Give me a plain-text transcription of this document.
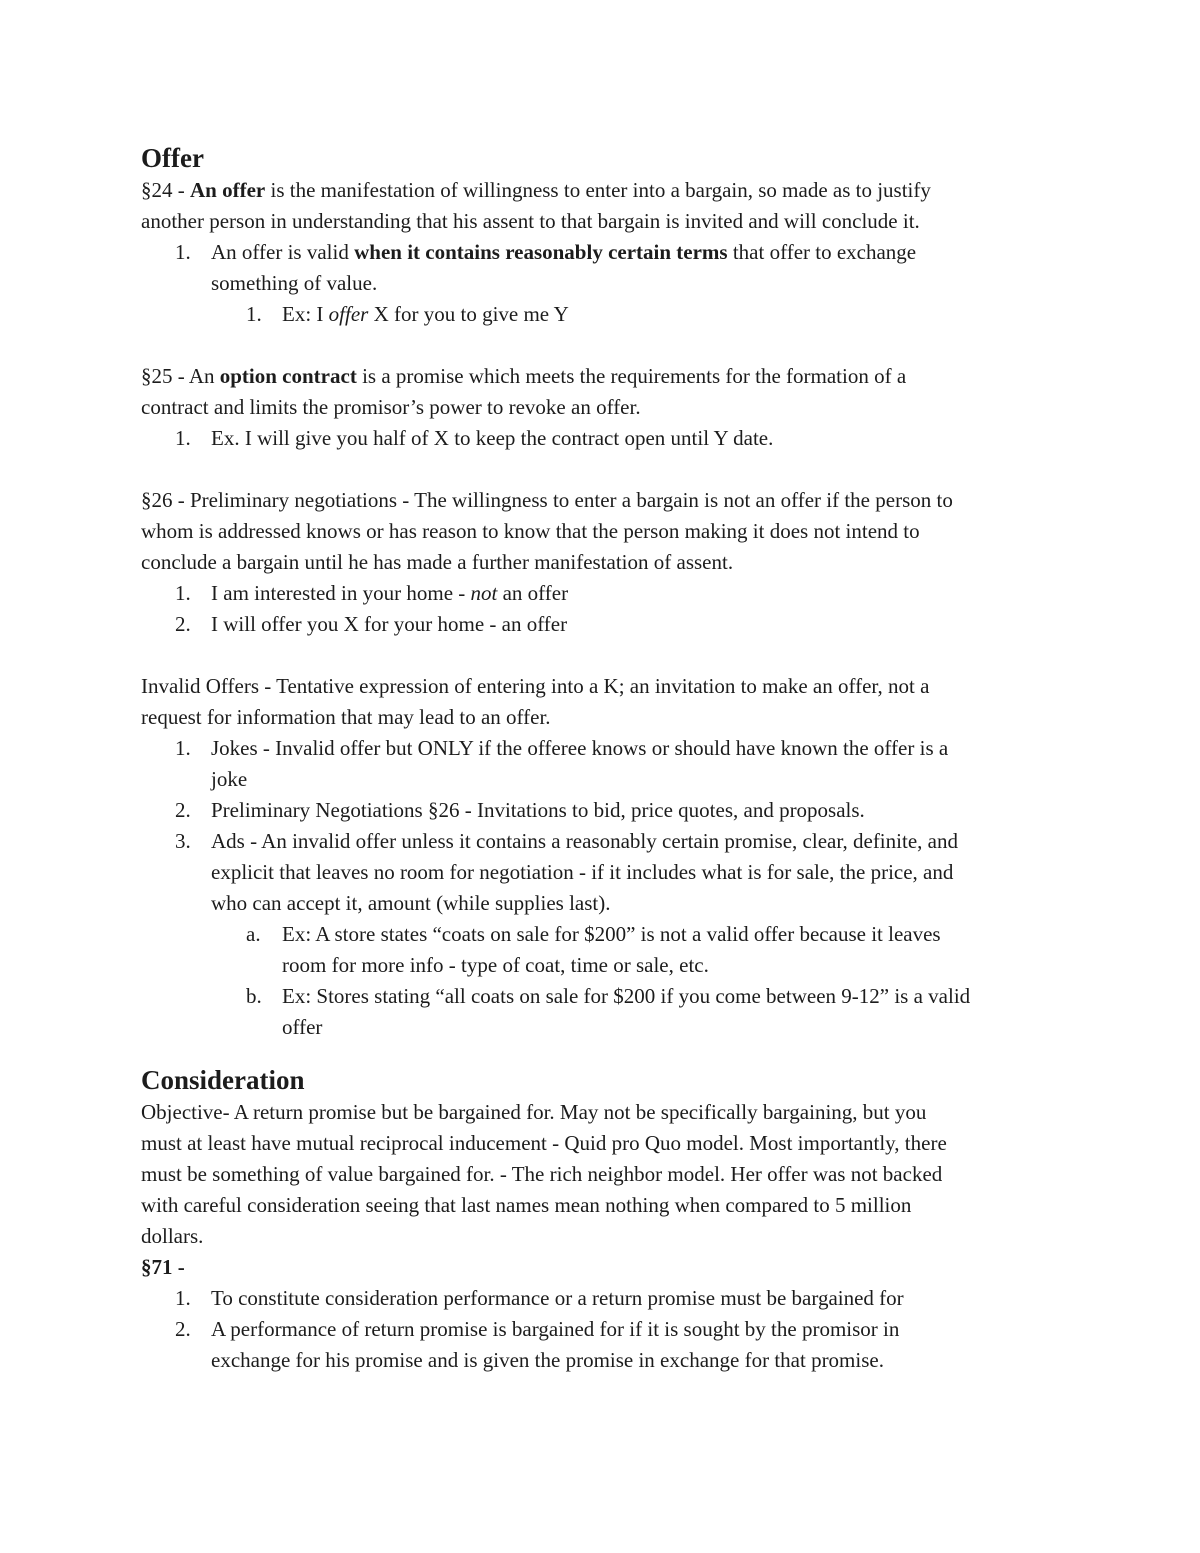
Offer
§24 - An offer is the manifestation of willingness to enter into a bargain, so made as to justify
another person in understanding that his assent to that bargain is invited and will conclude it.
1. An offer is valid when it contains reasonably certain terms that offer to exchange
something of value.
1. Ex: I offer X for you to give me Y
§25 - An option contract is a promise which meets the requirements for the formation of a
contract and limits the promisor’s power to revoke an offer.
1. Ex. I will give you half of X to keep the contract open until Y date.
§26 - Preliminary negotiations - The willingness to enter a bargain is not an offer if the person to
whom is addressed knows or has reason to know that the person making it does not intend to
conclude a bargain until he has made a further manifestation of assent.
1. I am interested in your home - not an offer
2. I will offer you X for your home - an offer
Invalid Offers - Tentative expression of entering into a K; an invitation to make an offer, not a
request for information that may lead to an offer.
1. Jokes - Invalid offer but ONLY if the offeree knows or should have known the offer is a
joke
2. Preliminary Negotiations §26 - Invitations to bid, price quotes, and proposals.
3. Ads - An invalid offer unless it contains a reasonably certain promise, clear, definite, and
explicit that leaves no room for negotiation - if it includes what is for sale, the price, and
who can accept it, amount (while supplies last).
a.	Ex: A store states “coats on sale for $200” is not a valid offer because it leaves
room for more info - type of coat, time or sale, etc.
b. Ex: Stores stating “all coats on sale for $200 if you come between 9-12” is a valid
offer
Consideration
Objective- A return promise but be bargained for. May not be specifically bargaining, but you
must at least have mutual reciprocal inducement - Quid pro Quo model. Most importantly, there
must be something of value bargained for. - The rich neighbor model. Her offer was not backed
with careful consideration seeing that last names mean nothing when compared to 5 million
dollars.
§71 -
1. To constitute consideration performance or a return promise must be bargained for
2. A performance of return promise is bargained for if it is sought by the promisor in
exchange for his promise and is given the promise in exchange for that promise.
